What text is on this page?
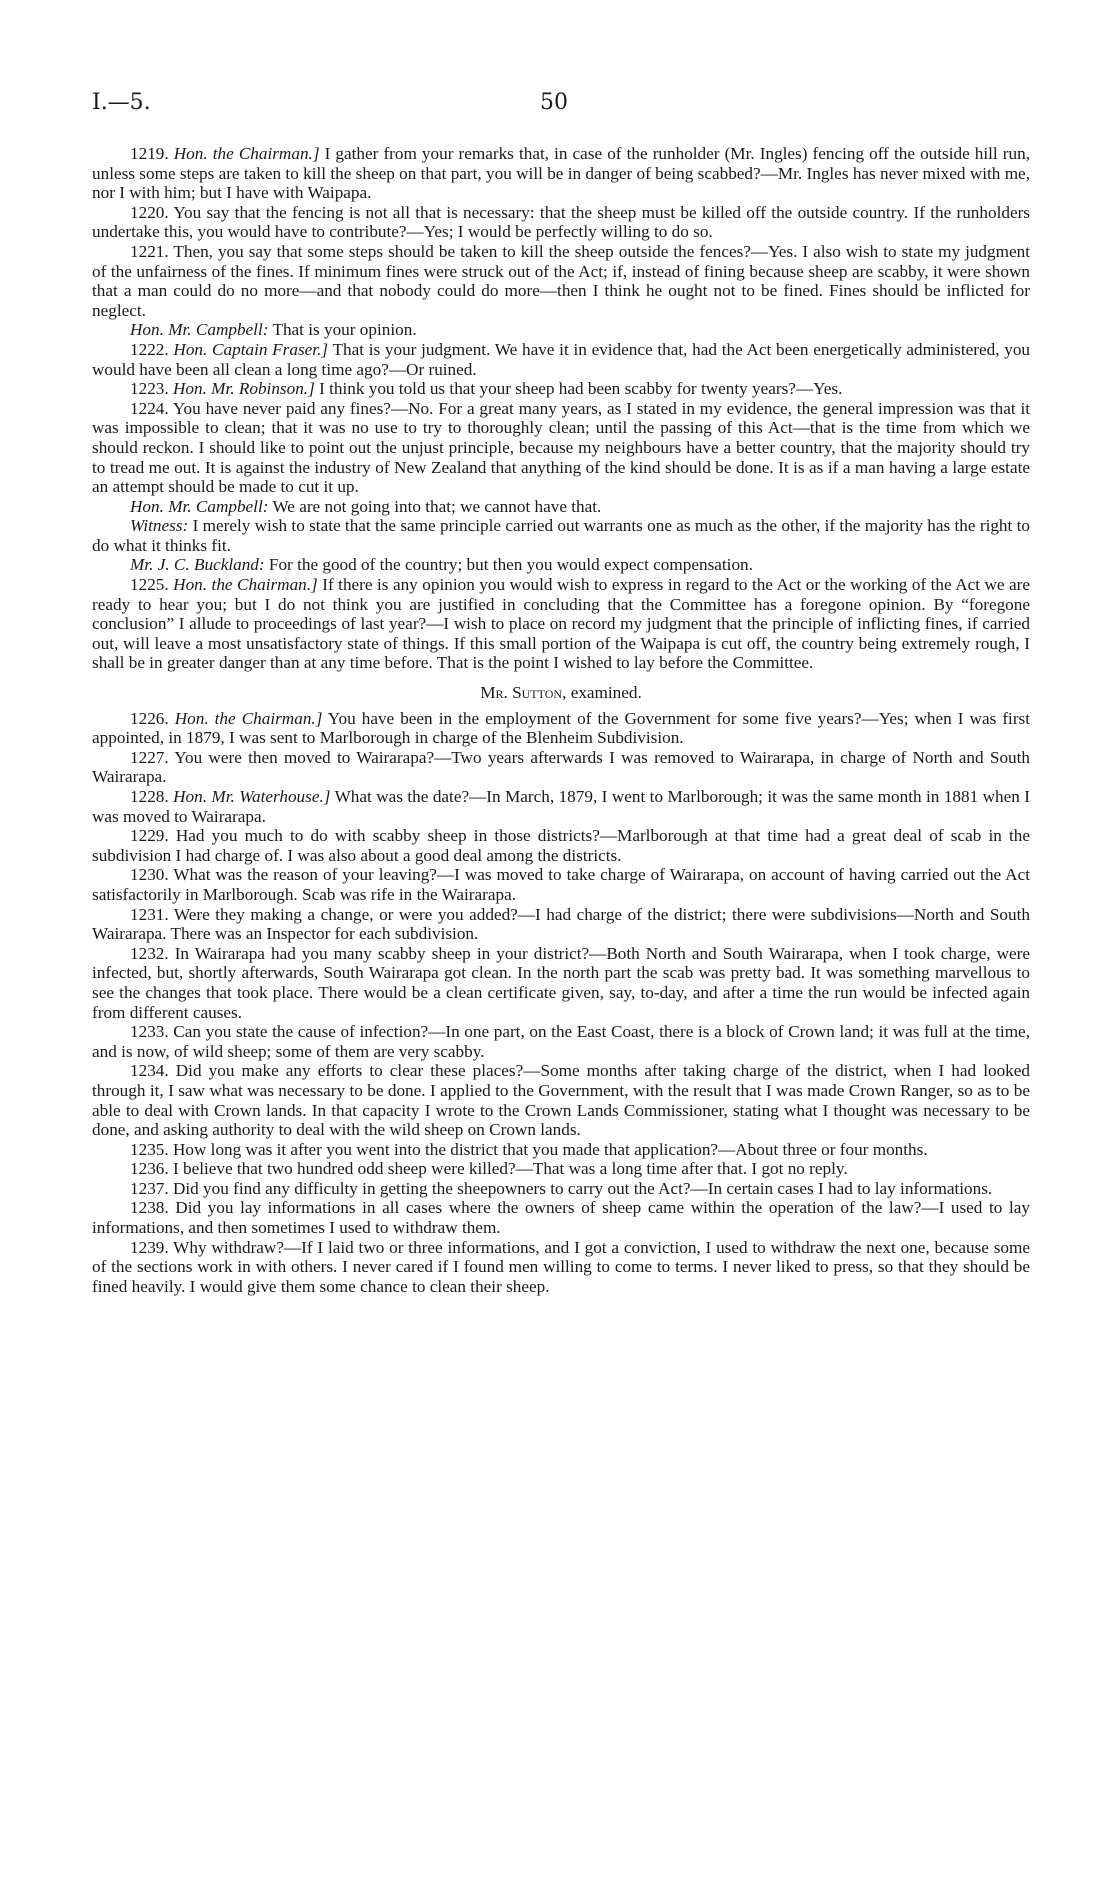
I.—5.	50

1219. Hon. the Chairman.] I gather from your remarks that, in case of the runholder (Mr. Ingles) fencing off the outside hill run, unless some steps are taken to kill the sheep on that part, you will be in danger of being scabbed?—Mr. Ingles has never mixed with me, nor I with him; but I have with Waipapa.

1220. You say that the fencing is not all that is necessary: that the sheep must be killed off the outside country. If the runholders undertake this, you would have to contribute?—Yes; I would be perfectly willing to do so.

1221. Then, you say that some steps should be taken to kill the sheep outside the fences?—Yes. I also wish to state my judgment of the unfairness of the fines. If minimum fines were struck out of the Act; if, instead of fining because sheep are scabby, it were shown that a man could do no more—and that nobody could do more—then I think he ought not to be fined. Fines should be inflicted for neglect.

Hon. Mr. Campbell: That is your opinion.

1222. Hon. Captain Fraser.] That is your judgment. We have it in evidence that, had the Act been energetically administered, you would have been all clean a long time ago?—Or ruined.

1223. Hon. Mr. Robinson.] I think you told us that your sheep had been scabby for twenty years?—Yes.

1224. You have never paid any fines?—No. For a great many years, as I stated in my evidence, the general impression was that it was impossible to clean; that it was no use to try to thoroughly clean; until the passing of this Act—that is the time from which we should reckon. I should like to point out the unjust principle, because my neighbours have a better country, that the majority should try to tread me out. It is against the industry of New Zealand that anything of the kind should be done. It is as if a man having a large estate an attempt should be made to cut it up.

Hon. Mr. Campbell: We are not going into that; we cannot have that.

Witness: I merely wish to state that the same principle carried out warrants one as much as the other, if the majority has the right to do what it thinks fit.

Mr. J. C. Buckland: For the good of the country; but then you would expect compensation.

1225. Hon. the Chairman.] If there is any opinion you would wish to express in regard to the Act or the working of the Act we are ready to hear you; but I do not think you are justified in concluding that the Committee has a foregone opinion. By “foregone conclusion” I allude to proceedings of last year?—I wish to place on record my judgment that the principle of inflicting fines, if carried out, will leave a most unsatisfactory state of things. If this small portion of the Waipapa is cut off, the country being extremely rough, I shall be in greater danger than at any time before. That is the point I wished to lay before the Committee.

Mr. Sutton, examined.

1226. Hon. the Chairman.] You have been in the employment of the Government for some five years?—Yes; when I was first appointed, in 1879, I was sent to Marlborough in charge of the Blenheim Subdivision.

1227. You were then moved to Wairarapa?—Two years afterwards I was removed to Wairarapa, in charge of North and South Wairarapa.

1228. Hon. Mr. Waterhouse.] What was the date?—In March, 1879, I went to Marlborough; it was the same month in 1881 when I was moved to Wairarapa.

1229. Had you much to do with scabby sheep in those districts?—Marlborough at that time had a great deal of scab in the subdivision I had charge of. I was also about a good deal among the districts.

1230. What was the reason of your leaving?—I was moved to take charge of Wairarapa, on account of having carried out the Act satisfactorily in Marlborough. Scab was rife in the Wairarapa.

1231. Were they making a change, or were you added?—I had charge of the district; there were subdivisions—North and South Wairarapa. There was an Inspector for each subdivision.

1232. In Wairarapa had you many scabby sheep in your district?—Both North and South Wairarapa, when I took charge, were infected, but, shortly afterwards, South Wairarapa got clean. In the north part the scab was pretty bad. It was something marvellous to see the changes that took place. There would be a clean certificate given, say, to-day, and after a time the run would be infected again from different causes.

1233. Can you state the cause of infection?—In one part, on the East Coast, there is a block of Crown land; it was full at the time, and is now, of wild sheep; some of them are very scabby.

1234. Did you make any efforts to clear these places?—Some months after taking charge of the district, when I had looked through it, I saw what was necessary to be done. I applied to the Government, with the result that I was made Crown Ranger, so as to be able to deal with Crown lands. In that capacity I wrote to the Crown Lands Commissioner, stating what I thought was necessary to be done, and asking authority to deal with the wild sheep on Crown lands.

1235. How long was it after you went into the district that you made that application?—About three or four months.

1236. I believe that two hundred odd sheep were killed?—That was a long time after that. I got no reply.

1237. Did you find any difficulty in getting the sheepowners to carry out the Act?—In certain cases I had to lay informations.

1238. Did you lay informations in all cases where the owners of sheep came within the operation of the law?—I used to lay informations, and then sometimes I used to withdraw them.

1239. Why withdraw?—If I laid two or three informations, and I got a conviction, I used to withdraw the next one, because some of the sections work in with others. I never cared if I found men willing to come to terms. I never liked to press, so that they should be fined heavily. I would give them some chance to clean their sheep.
